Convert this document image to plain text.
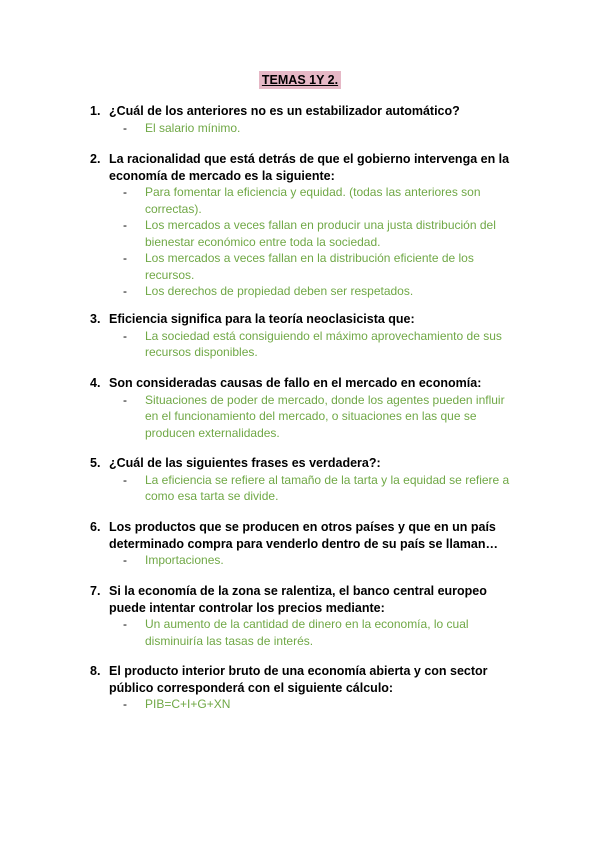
TEMAS 1Y 2.
1. ¿Cuál de los anteriores no es un estabilizador automático?
-	El salario mínimo.
2. La racionalidad que está detrás de que el gobierno intervenga en la economía de mercado es la siguiente:
-	Para fomentar la eficiencia y equidad. (todas las anteriores son correctas).
-	Los mercados a veces fallan en producir una justa distribución del bienestar económico entre toda la sociedad.
-	Los mercados a veces fallan en la distribución eficiente de los recursos.
-	Los derechos de propiedad deben ser respetados.
3. Eficiencia significa para la teoría neoclasicista que:
-	La sociedad está consiguiendo el máximo aprovechamiento de sus recursos disponibles.
4. Son consideradas causas de fallo en el mercado en economía:
-	Situaciones de poder de mercado, donde los agentes pueden influir en el funcionamiento del mercado, o situaciones en las que se producen externalidades.
5. ¿Cuál de las siguientes frases es verdadera?:
-	La eficiencia se refiere al tamaño de la tarta y la equidad se refiere a como esa tarta se divide.
6. Los productos que se producen en otros países y que en un país determinado compra para venderlo dentro de su país se llaman…
-	Importaciones.
7. Si la economía de la zona se ralentiza, el banco central europeo puede intentar controlar los precios mediante:
-	Un aumento de la cantidad de dinero en la economía, lo cual disminuiría las tasas de interés.
8. El producto interior bruto de una economía abierta y con sector público corresponderá con el siguiente cálculo:
-	PIB=C+I+G+XN
